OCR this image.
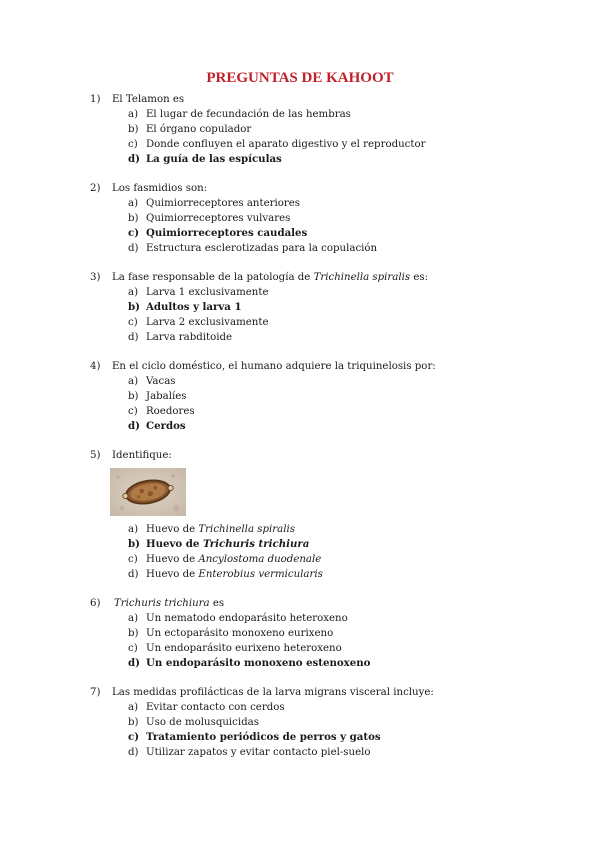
PREGUNTAS DE KAHOOT
1)	El Telamon es
a) El lugar de fecundación de las hembras
b) El órgano copulador
c) Donde confluyen el aparato digestivo y el reproductor
d) La guía de las espículas
2)	Los fasmidios son:
a) Quimiorreceptores anteriores
b) Quimiorreceptores vulvares
c) Quimiorreceptores caudales
d) Estructura esclerotizadas para la copulación
3)	La fase responsable de la patología de Trichinella spiralis es:
a) Larva 1 exclusivamente
b) Adultos y larva 1
c) Larva 2 exclusivamente
d) Larva rabditoide
4)	En el ciclo doméstico, el humano adquiere la triquinelosis por:
a) Vacas
b) Jabalíes
c) Roedores
d) Cerdos
5)	Identifique:
a) Huevo de Trichinella spiralis
b) Huevo de Trichuris trichiura
c) Huevo de Ancylostoma duodenale
d) Huevo de Enterobius vermicularis
6)	Trichuris trichiura es
a) Un nematodo endoparásito heteroxeno
b) Un ectoparásito monoxeno eurixeno
c) Un endoparásito eurixeno heteroxeno
d) Un endoparásito monoxeno estenoxeno
7)	Las medidas profilácticas de la larva migrans visceral incluye:
a) Evitar contacto con cerdos
b) Uso de molusquicidas
c) Tratamiento periódicos de perros y gatos
d) Utilizar zapatos y evitar contacto piel-suelo
